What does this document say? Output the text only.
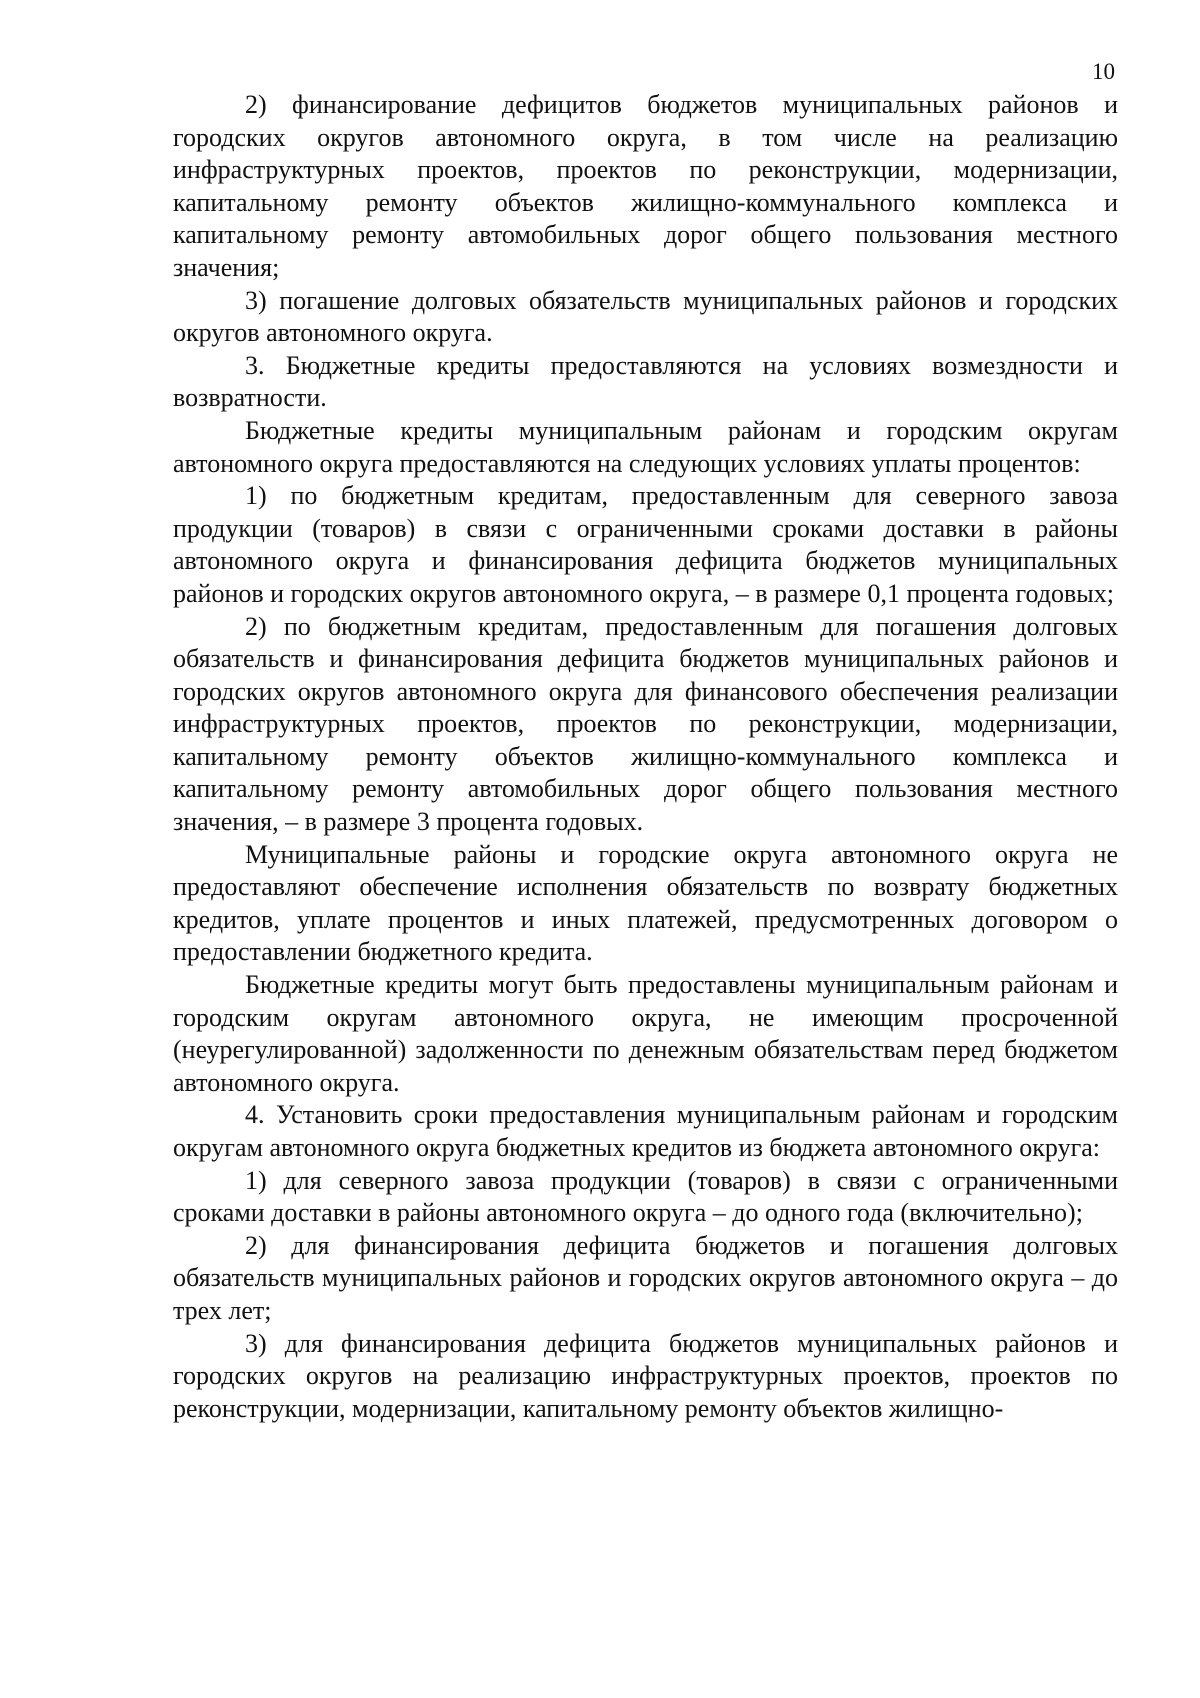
10

2) финансирование дефицитов бюджетов муниципальных районов и городских округов автономного округа, в том числе на реализацию инфраструктурных проектов, проектов по реконструкции, модернизации, капитальному ремонту объектов жилищно-коммунального комплекса и капитальному ремонту автомобильных дорог общего пользования местного значения;

3) погашение долговых обязательств муниципальных районов и городских округов автономного округа.

3. Бюджетные кредиты предоставляются на условиях возмездности и возвратности.

Бюджетные кредиты муниципальным районам и городским округам автономного округа предоставляются на следующих условиях уплаты процентов:

1) по бюджетным кредитам, предоставленным для северного завоза продукции (товаров) в связи с ограниченными сроками доставки в районы автономного округа и финансирования дефицита бюджетов муниципальных районов и городских округов автономного округа, – в размере 0,1 процента годовых;

2) по бюджетным кредитам, предоставленным для погашения долговых обязательств и финансирования дефицита бюджетов муниципальных районов и городских округов автономного округа для финансового обеспечения реализации инфраструктурных проектов, проектов по реконструкции, модернизации, капитальному ремонту объектов жилищно-коммунального комплекса и капитальному ремонту автомобильных дорог общего пользования местного значения, – в размере 3 процента годовых.

Муниципальные районы и городские округа автономного округа не предоставляют обеспечение исполнения обязательств по возврату бюджетных кредитов, уплате процентов и иных платежей, предусмотренных договором о предоставлении бюджетного кредита.

Бюджетные кредиты могут быть предоставлены муниципальным районам и городским округам автономного округа, не имеющим просроченной (неурегулированной) задолженности по денежным обязательствам перед бюджетом автономного округа.

4. Установить сроки предоставления муниципальным районам и городским округам автономного округа бюджетных кредитов из бюджета автономного округа:

1) для северного завоза продукции (товаров) в связи с ограниченными сроками доставки в районы автономного округа – до одного года (включительно);

2) для финансирования дефицита бюджетов и погашения долговых обязательств муниципальных районов и городских округов автономного округа – до трех лет;

3) для финансирования дефицита бюджетов муниципальных районов и городских округов на реализацию инфраструктурных проектов, проектов по реконструкции, модернизации, капитальному ремонту объектов жилищно-
